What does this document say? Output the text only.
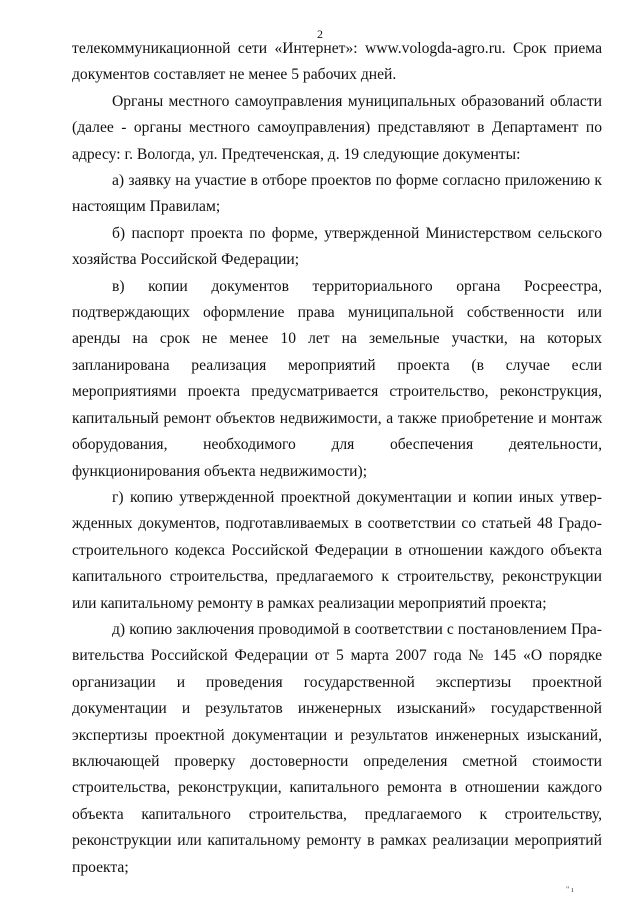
2

телекоммуникационной сети «Интернет»: www.vologda-agro.ru. Срок приема документов составляет не менее 5 рабочих дней.

Органы местного самоуправления муниципальных образований области (далее - органы местного самоуправления) представляют в Департамент по адресу: г. Вологда, ул. Предтеченская, д. 19 следующие документы:

а) заявку на участие в отборе проектов по форме согласно приложению к настоящим Правилам;

б) паспорт проекта по форме, утвержденной Министерством сельского хозяйства Российской Федерации;

в) копии документов территориального органа Росреестра, подтверждающих оформление права муниципальной собственности или аренды на срок не менее 10 лет на земельные участки, на которых запланирована реализация мероприятий проекта (в случае если мероприятиями проекта предусматривается строительство, реконструкция, капитальный ремонт объектов недвижимости, а также приобретение и монтаж оборудования, необходимого для обеспечения деятельности, функционирования объекта недвижимости);

г) копию утвержденной проектной документации и копии иных утвержденных документов, подготавливаемых в соответствии со статьей 48 Градостроительного кодекса Российской Федерации в отношении каждого объекта капитального строительства, предлагаемого к строительству, реконструкции или капитальному ремонту в рамках реализации мероприятий проекта;

д) копию заключения проводимой в соответствии с постановлением Правительства Российской Федерации от 5 марта 2007 года № 145 «О порядке организации и проведения государственной экспертизы проектной документации и результатов инженерных изысканий» государственной экспертизы проектной документации и результатов инженерных изысканий, включающей проверку достоверности определения сметной стоимости строительства, реконструкции, капитального ремонта в отношении каждого объекта капитального строительства, предлагаемого к строительству, реконструкции или капитальному ремонту в рамках реализации мероприятий проекта;

" ı
